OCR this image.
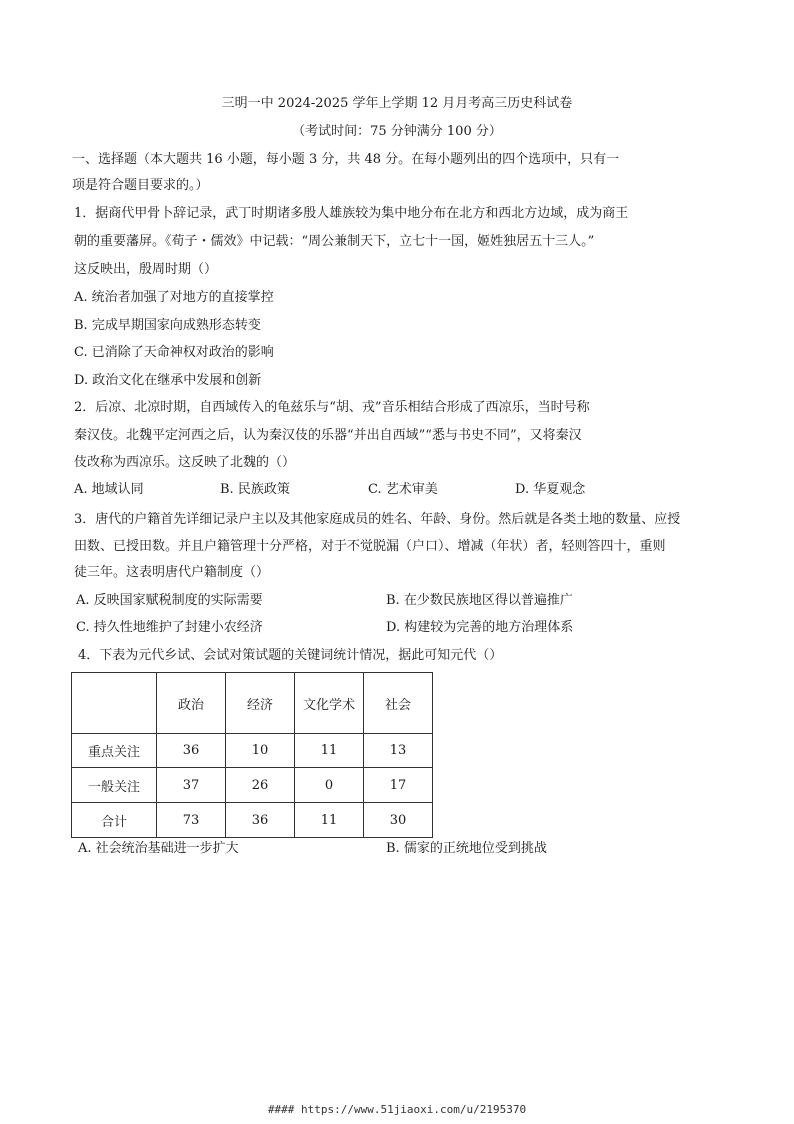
三明一中 2024-2025 学年上学期 12 月月考高三历史科试卷
（考试时间：75 分钟满分 100 分）
一、选择题（本大题共 16 小题，每小题 3 分，共 48 分。在每小题列出的四个选项中，只有一
项是符合题目要求的。）
1．据商代甲骨卜辞记录，武丁时期诸多殷人雄族较为集中地分布在北方和西北方边域，成为商王
朝的重要藩屏。《荀子・儒效》中记载：“周公兼制天下，立七十一国，姬姓独居五十三人。”
这反映出，殷周时期（）
A. 统治者加强了对地方的直接掌控
B. 完成早期国家向成熟形态转变
C. 已消除了天命神权对政治的影响
D. 政治文化在继承中发展和创新
2．后凉、北凉时期，自西域传入的龟兹乐与“胡、戎”音乐相结合形成了西凉乐，当时号称
秦汉伎。北魏平定河西之后，认为秦汉伎的乐器“并出自西域”“悉与书史不同”，又将秦汉
伎改称为西凉乐。这反映了北魏的（）
A. 地域认同	B. 民族政策	C. 艺术审美	D. 华夏观念
3．唐代的户籍首先详细记录户主以及其他家庭成员的姓名、年龄、身份。然后就是各类土地的数量、应授
田数、已授田数。并且户籍管理十分严格，对于不觉脱漏（户口）、增减（年状）者，轻则答四十，重则
徒三年。这表明唐代户籍制度（）
A. 反映国家赋税制度的实际需要	B. 在少数民族地区得以普遍推广
C. 持久性地维护了封建小农经济	D. 构建较为完善的地方治理体系
4．下表为元代乡试、会试对策试题的关键词统计情况，据此可知元代（）
	政治	经济	文化学术	社会
重点关注	36	10	11	13
一般关注	37	26	0	17
合计	73	36	11	30
A. 社会统治基础进一步扩大	B. 儒家的正统地位受到挑战
#### https://www.51jiaoxi.com/u/2195370
